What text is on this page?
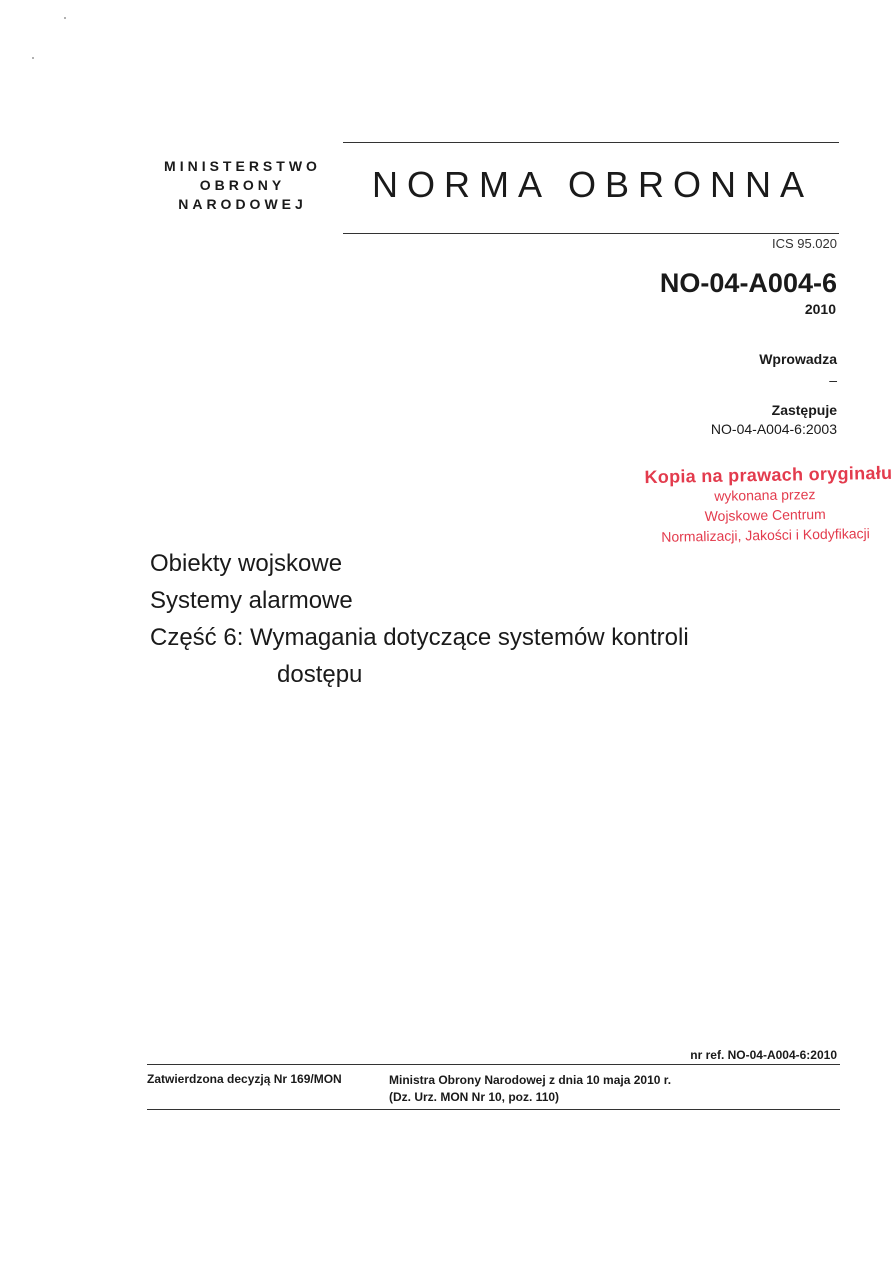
MINISTERSTWO
OBRONY
NARODOWEJ	NORMA OBRONNA
ICS 95.020
NO-04-A004-6
2010
Wprowadza
–
Zastępuje
NO-04-A004-6:2003
Kopia na prawach oryginału
wykonana przez
Wojskowe Centrum
Normalizacji, Jakości i Kodyfikacji
Obiekty wojskowe
Systemy alarmowe
Część 6: Wymagania dotyczące systemów kontroli
dostępu
nr ref. NO-04-A004-6:2010
Zatwierdzona decyzją Nr 169/MON	Ministra Obrony Narodowej z dnia 10 maja 2010 r.
(Dz. Urz. MON Nr 10, poz. 110)
